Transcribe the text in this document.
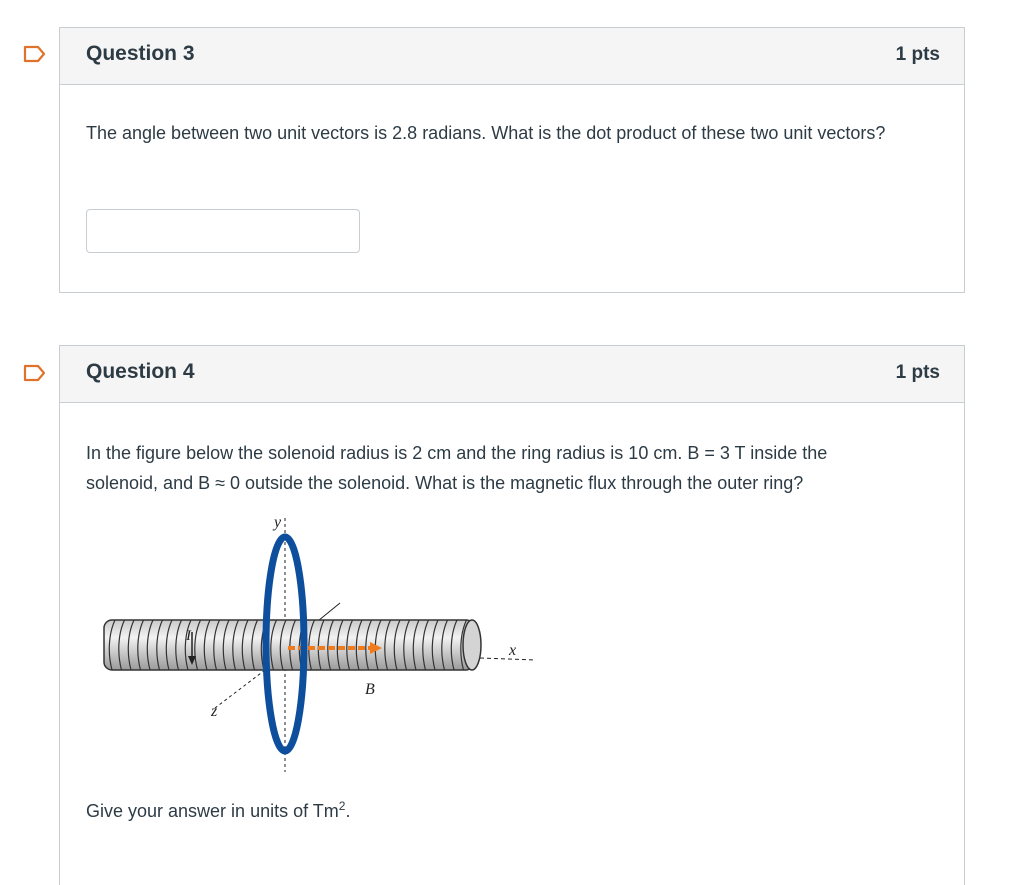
Question 3	1 pts
The angle between two unit vectors is 2.8 radians. What is the dot product of these two unit vectors?
Question 4	1 pts
In the figure below the solenoid radius is 2 cm and the ring radius is 10 cm. B = 3 T inside the solenoid, and B ≈ 0 outside the solenoid. What is the magnetic flux through the outer ring?
Give your answer in units of Tm$^2$.
y
x
z
I
B
